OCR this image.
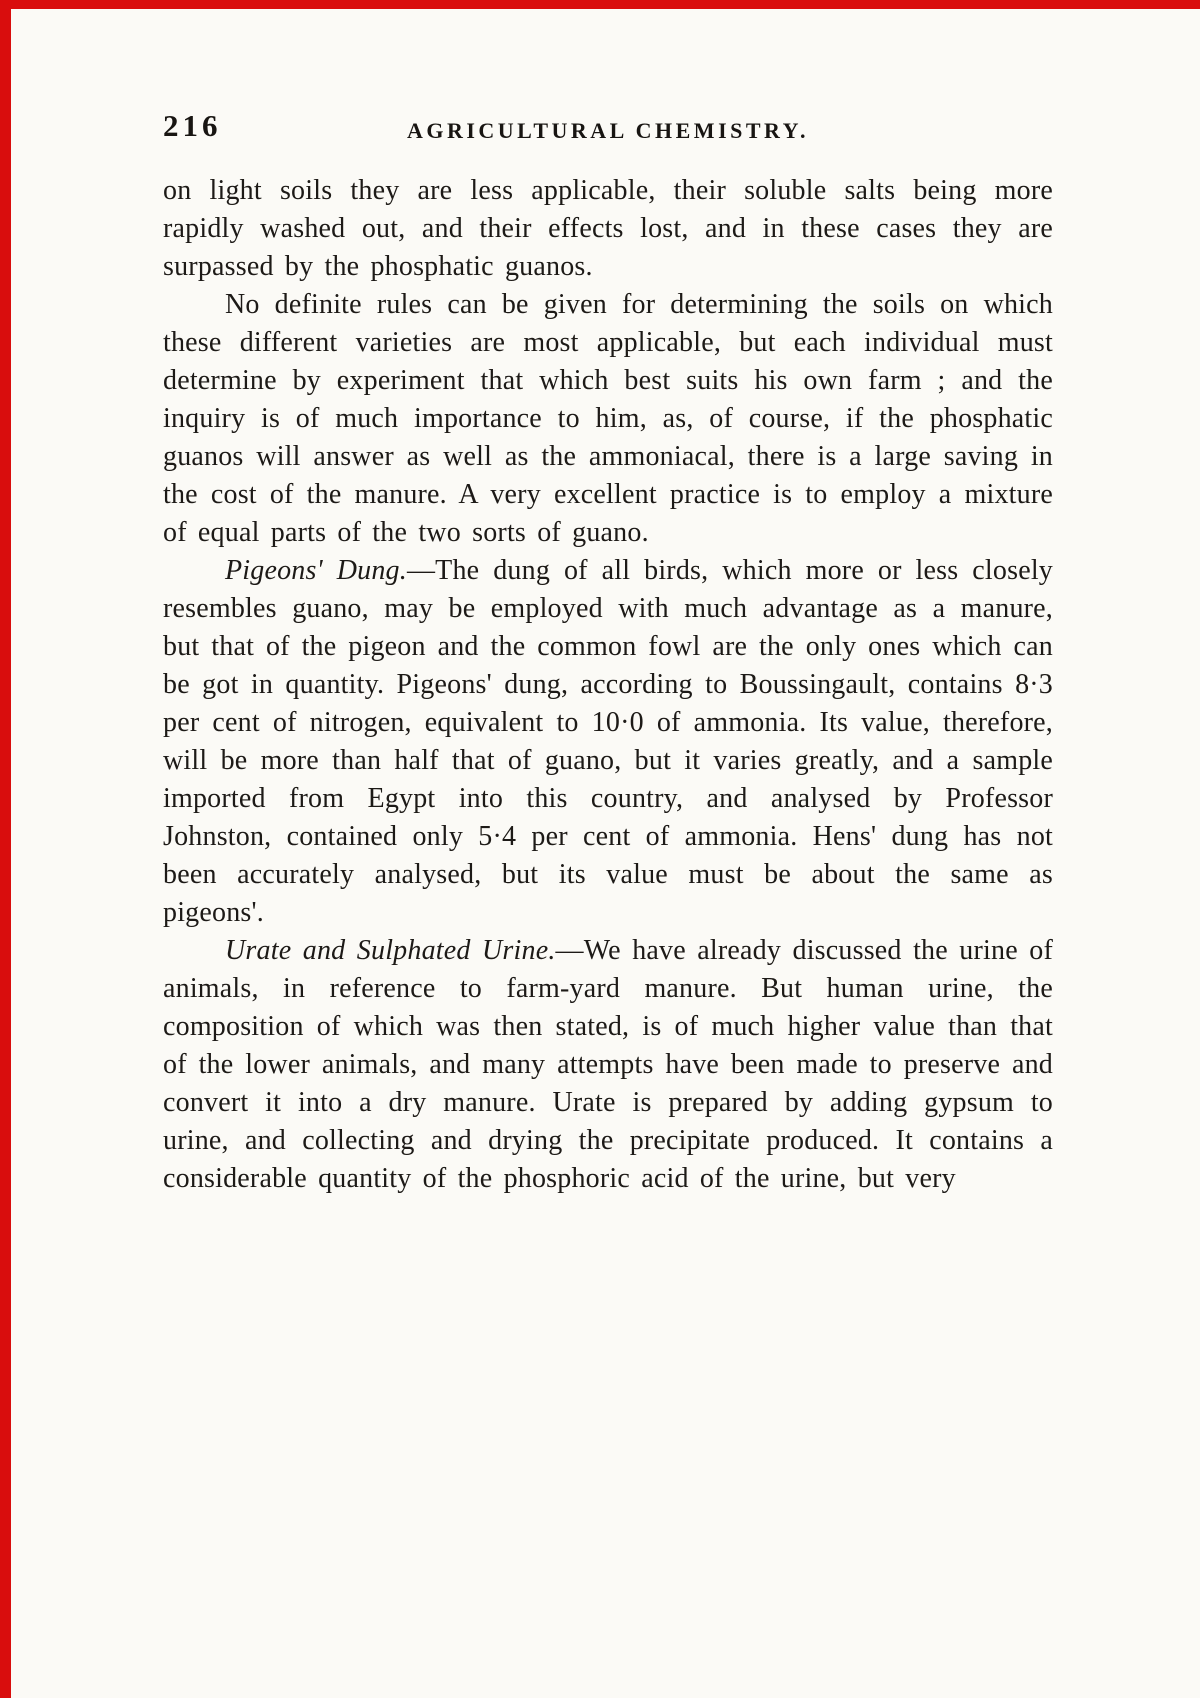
216	AGRICULTURAL CHEMISTRY.

on light soils they are less applicable, their soluble salts being more rapidly washed out, and their effects lost, and in these cases they are surpassed by the phosphatic guanos.

No definite rules can be given for determining the soils on which these different varieties are most applicable, but each individual must determine by experiment that which best suits his own farm ; and the inquiry is of much importance to him, as, of course, if the phosphatic guanos will answer as well as the ammoniacal, there is a large saving in the cost of the manure. A very excellent practice is to employ a mixture of equal parts of the two sorts of guano.

Pigeons' Dung.—The dung of all birds, which more or less closely resembles guano, may be employed with much advantage as a manure, but that of the pigeon and the common fowl are the only ones which can be got in quantity. Pigeons' dung, according to Boussingault, contains 8·3 per cent of nitrogen, equivalent to 10·0 of ammonia. Its value, therefore, will be more than half that of guano, but it varies greatly, and a sample imported from Egypt into this country, and analysed by Professor Johnston, contained only 5·4 per cent of ammonia. Hens' dung has not been accurately analysed, but its value must be about the same as pigeons'.

Urate and Sulphated Urine.—We have already discussed the urine of animals, in reference to farm-yard manure. But human urine, the composition of which was then stated, is of much higher value than that of the lower animals, and many attempts have been made to preserve and convert it into a dry manure. Urate is prepared by adding gypsum to urine, and collecting and drying the precipitate produced. It contains a considerable quantity of the phosphoric acid of the urine, but very
